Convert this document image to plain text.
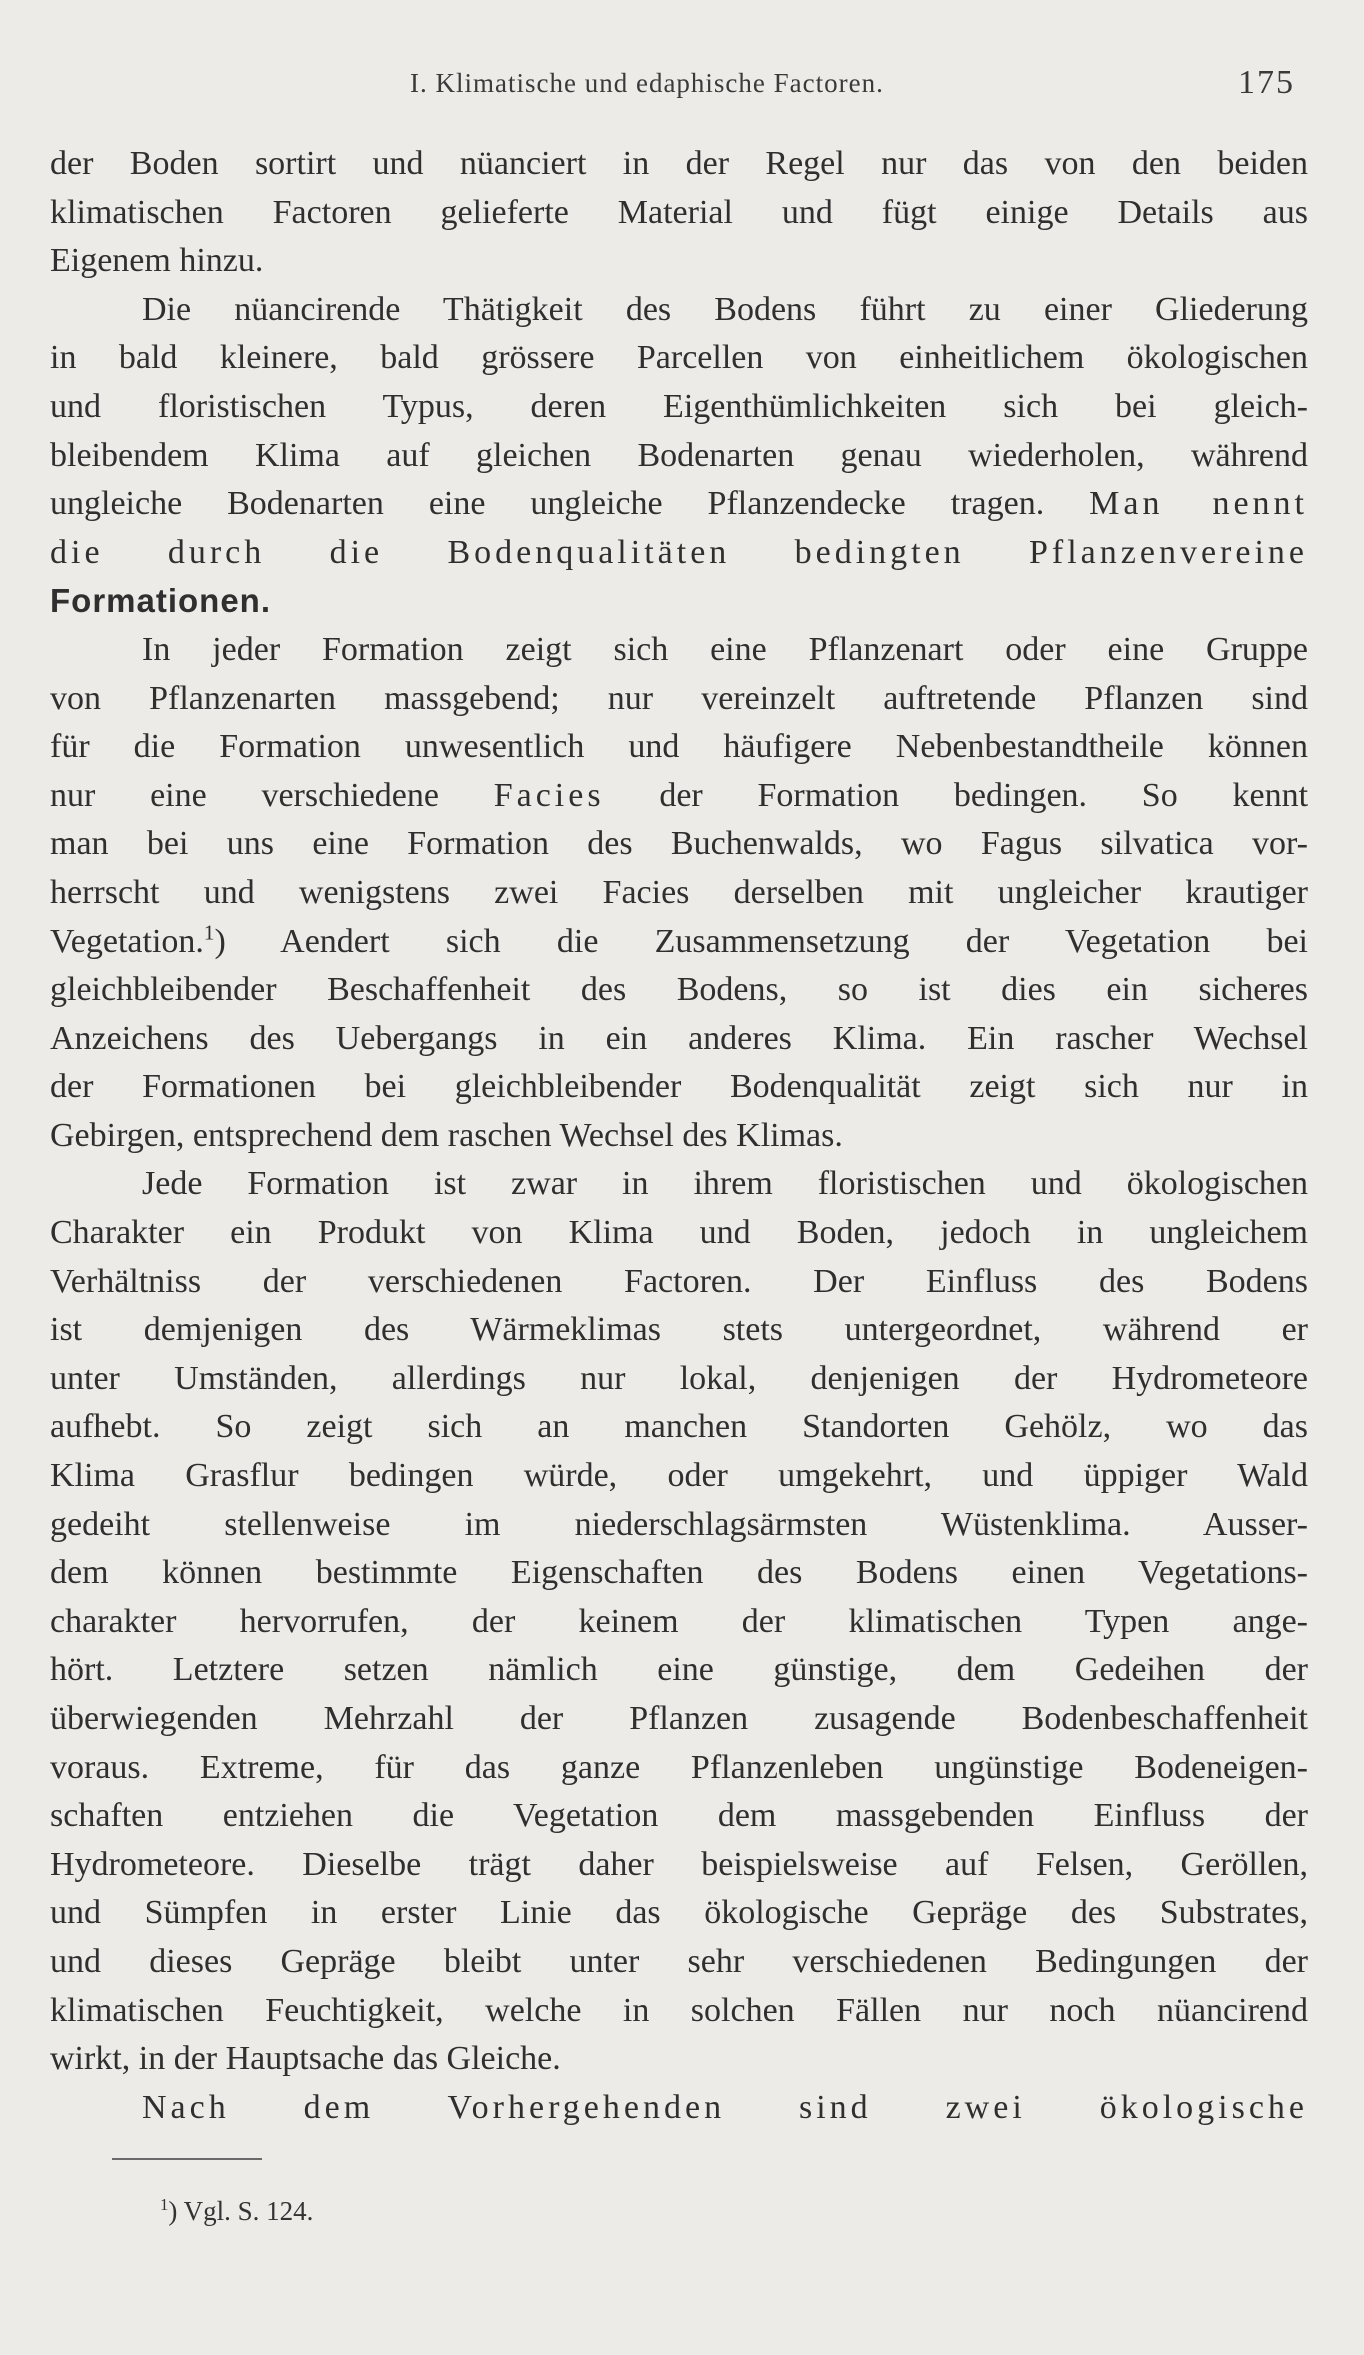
I. Klimatische und edaphische Factoren.	175
der Boden sortirt und nüanciert in der Regel nur das von den beiden
klimatischen Factoren gelieferte Material und fügt einige Details aus
Eigenem hinzu.
Die nüancirende Thätigkeit des Bodens führt zu einer Gliederung
in bald kleinere, bald grössere Parcellen von einheitlichem ökologischen
und floristischen Typus, deren Eigenthümlichkeiten sich bei gleich-
bleibendem Klima auf gleichen Bodenarten genau wiederholen, während
ungleiche Bodenarten eine ungleiche Pflanzendecke tragen. Man nennt
die durch die Bodenqualitäten bedingten Pflanzenvereine
Formationen.
In jeder Formation zeigt sich eine Pflanzenart oder eine Gruppe
von Pflanzenarten massgebend; nur vereinzelt auftretende Pflanzen sind
für die Formation unwesentlich und häufigere Nebenbestandtheile können
nur eine verschiedene Facies der Formation bedingen. So kennt
man bei uns eine Formation des Buchenwalds, wo Fagus silvatica vor-
herrscht und wenigstens zwei Facies derselben mit ungleicher krautiger
Vegetation.$^1$) Aendert sich die Zusammensetzung der Vegetation bei
gleichbleibender Beschaffenheit des Bodens, so ist dies ein sicheres
Anzeichens des Uebergangs in ein anderes Klima. Ein rascher Wechsel
der Formationen bei gleichbleibender Bodenqualität zeigt sich nur in
Gebirgen, entsprechend dem raschen Wechsel des Klimas.
Jede Formation ist zwar in ihrem floristischen und ökologischen
Charakter ein Produkt von Klima und Boden, jedoch in ungleichem
Verhältniss der verschiedenen Factoren. Der Einfluss des Bodens
ist demjenigen des Wärmeklimas stets untergeordnet, während er
unter Umständen, allerdings nur lokal, denjenigen der Hydrometeore
aufhebt. So zeigt sich an manchen Standorten Gehölz, wo das
Klima Grasflur bedingen würde, oder umgekehrt, und üppiger Wald
gedeiht stellenweise im niederschlagsärmsten Wüstenklima. Ausser-
dem können bestimmte Eigenschaften des Bodens einen Vegetations-
charakter hervorrufen, der keinem der klimatischen Typen ange-
hört. Letztere setzen nämlich eine günstige, dem Gedeihen der
überwiegenden Mehrzahl der Pflanzen zusagende Bodenbeschaffenheit
voraus. Extreme, für das ganze Pflanzenleben ungünstige Bodeneigen-
schaften entziehen die Vegetation dem massgebenden Einfluss der
Hydrometeore. Dieselbe trägt daher beispielsweise auf Felsen, Geröllen,
und Sümpfen in erster Linie das ökologische Gepräge des Substrates,
und dieses Gepräge bleibt unter sehr verschiedenen Bedingungen der
klimatischen Feuchtigkeit, welche in solchen Fällen nur noch nüancirend
wirkt, in der Hauptsache das Gleiche.
Nach dem Vorhergehenden sind zwei ökologische
$^1$) Vgl. S. 124.
